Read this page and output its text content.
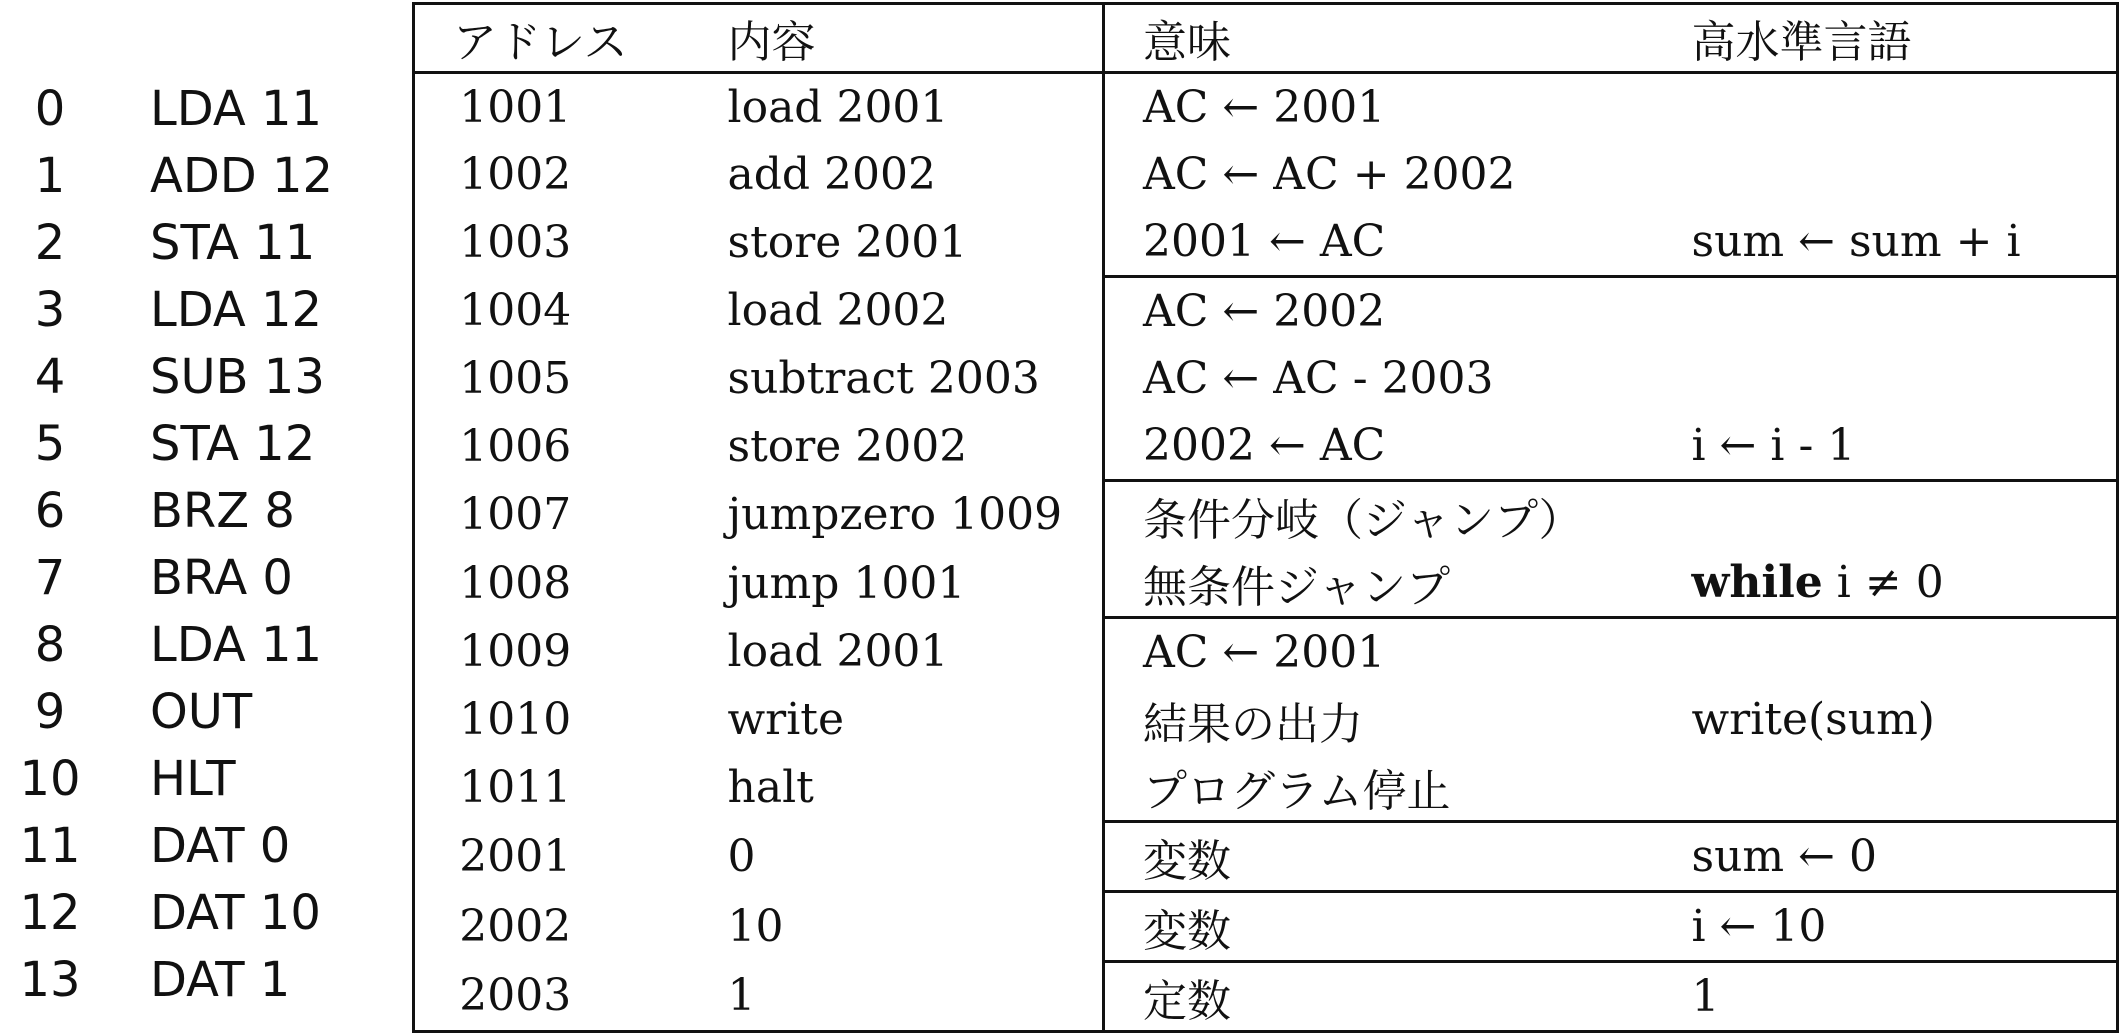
0	LDA 11
1	ADD 12
2	STA 11
3	LDA 12
4	SUB 13
5	STA 12
6	BRZ 8
7	BRA 0
8	LDA 11
9	OUT
10	HLT
11	DAT 0
12	DAT 10
13	DAT 1
アドレス	内容	意味	高水準言語
1001	load 2001	AC ← 2001	
1002	add 2002	AC ← AC + 2002	
1003	store 2001	2001 ← AC	sum ← sum + i
1004	load 2002	AC ← 2002	
1005	subtract 2003	AC ← AC - 2003	
1006	store 2002	2002 ← AC	i ← i - 1
1007	jumpzero 1009	条件分岐（ジャンプ）	
1008	jump 1001	無条件ジャンプ	while i ≠ 0
1009	load 2001	AC ← 2001	
1010	write	結果の出力	write(sum)
1011	halt	プログラム停止	
2001	0	変数	sum ← 0
2002	10	変数	i ← 10
2003	1	定数	1
